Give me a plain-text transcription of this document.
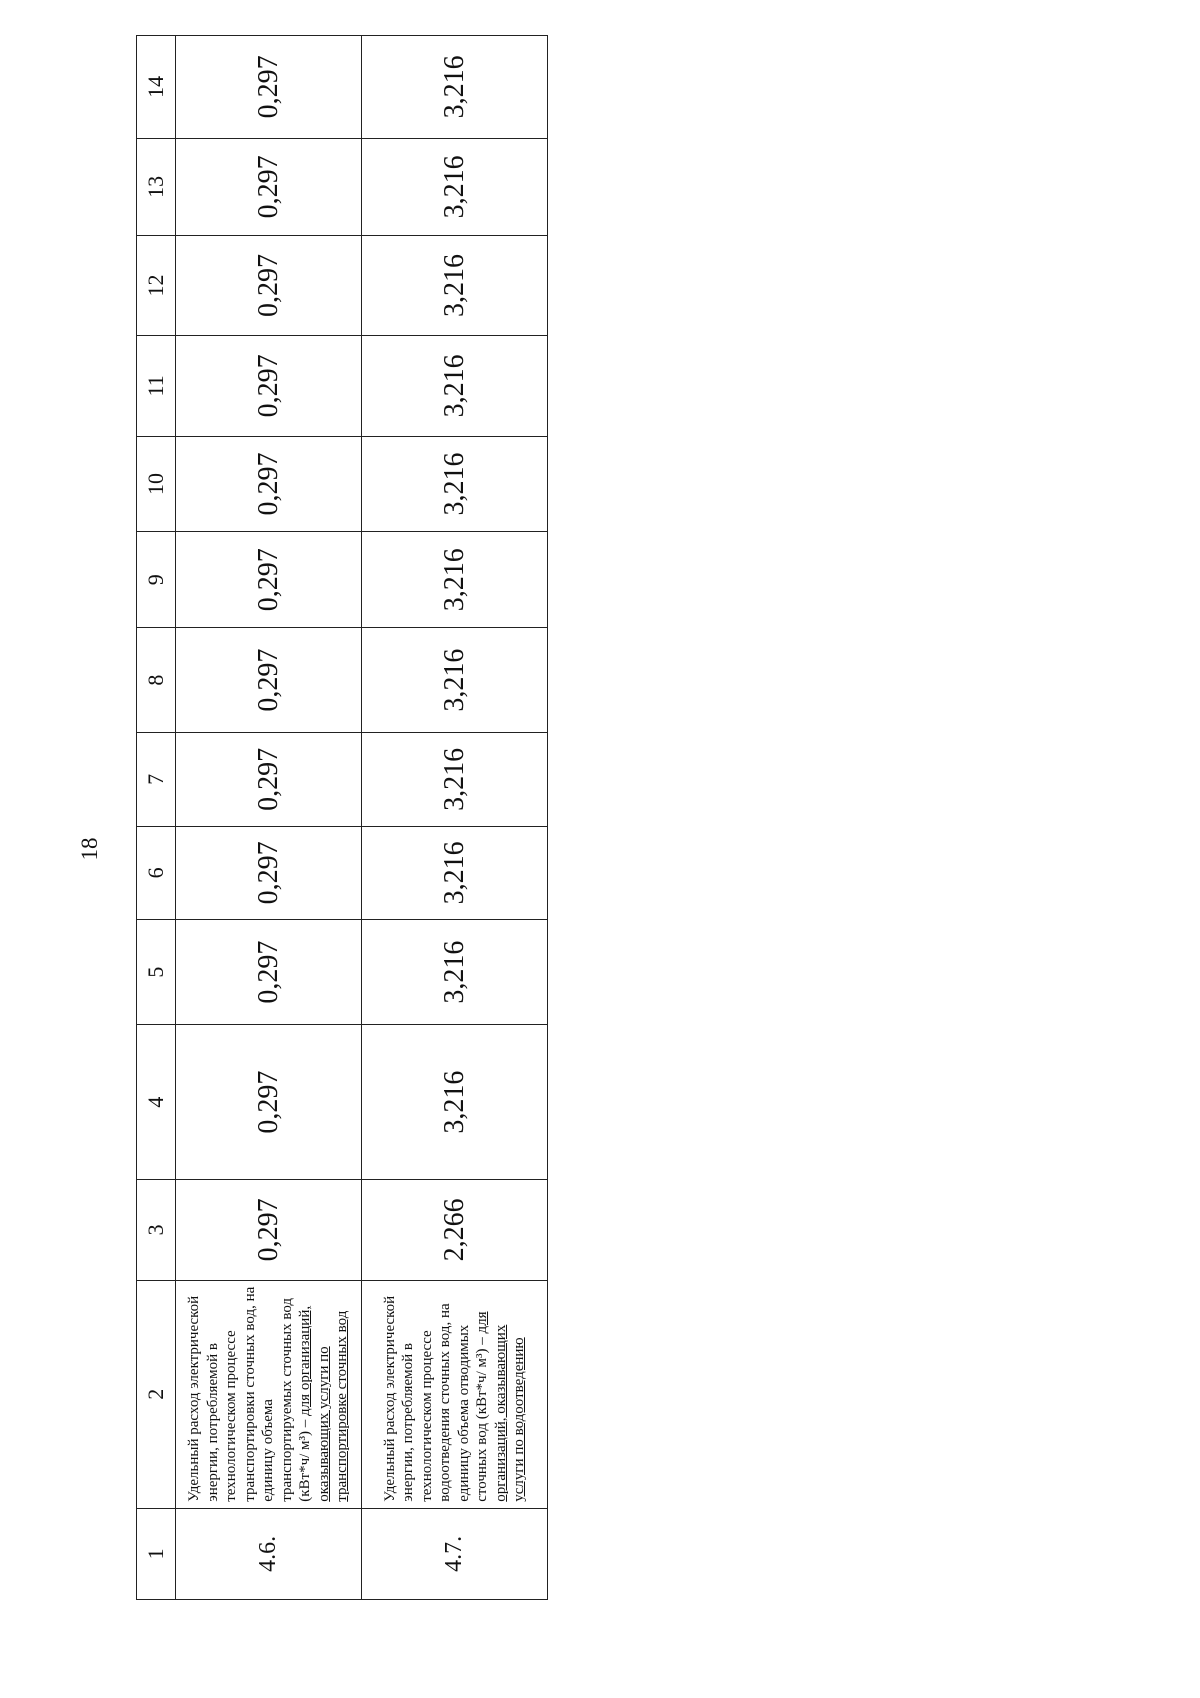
18
1	2	3	4	5	6	7	8	9	10	11	12	13	14
4.6.	Удельный расход электрической энергии, потребляемой в технологическом процессе транспортировки сточных вод, на единицу объема транспортируемых сточных вод (кВт*ч/ м³) – для организаций, оказывающих услуги по транспортировке сточных вод	0,297	0,297	0,297	0,297	0,297	0,297	0,297	0,297	0,297	0,297	0,297	0,297
4.7.	Удельный расход электрической энергии, потребляемой в технологическом процессе водоотведения сточных вод, на единицу объема отводимых сточных вод (кВт*ч/ м³) – для организаций, оказывающих услуги по водоотведению	2,266	3,216	3,216	3,216	3,216	3,216	3,216	3,216	3,216	3,216	3,216	3,216
